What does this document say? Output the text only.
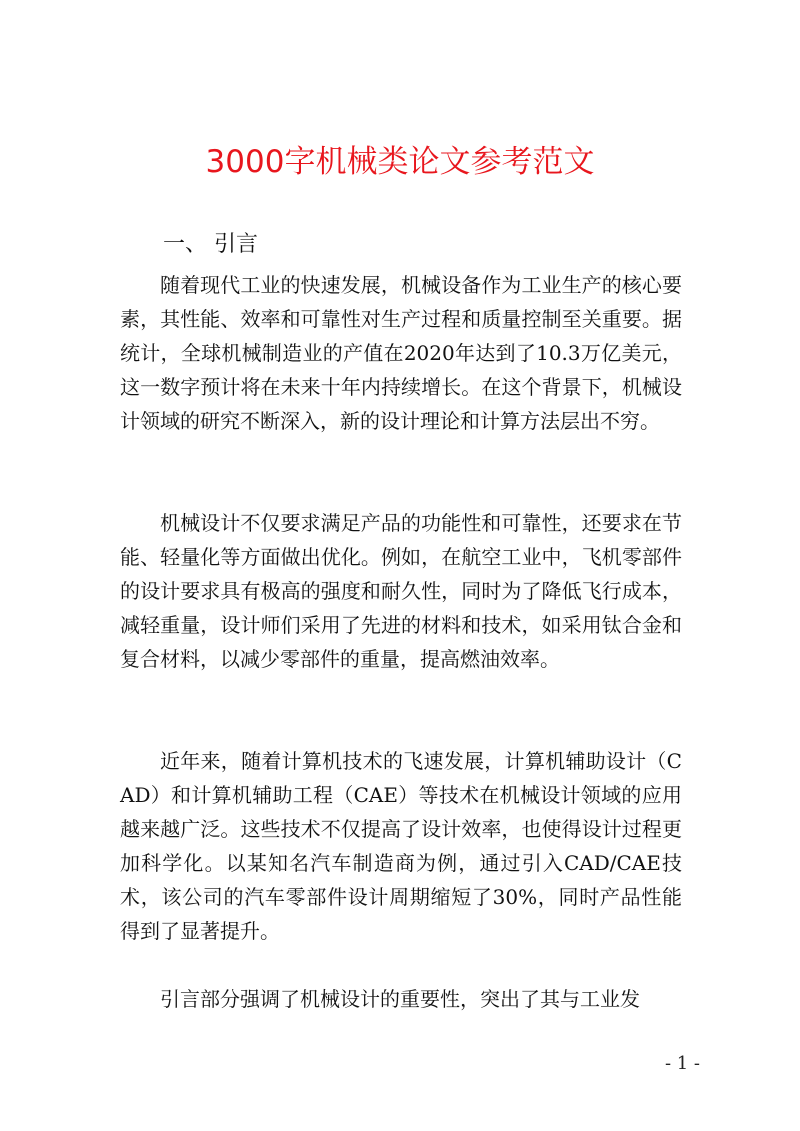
3000字机械类论文参考范文
一、 引言

随着现代工业的快速发展，机械设备作为工业生产的核心要素，其性能、效率和可靠性对生产过程和质量控制至关重要。据统计，全球机械制造业的产值在2020年达到了10.3万亿美元，这一数字预计将在未来十年内持续增长。在这个背景下，机械设计领域的研究不断深入，新的设计理论和计算方法层出不穷。

机械设计不仅要求满足产品的功能性和可靠性，还要求在节能、轻量化等方面做出优化。例如，在航空工业中，飞机零部件的设计要求具有极高的强度和耐久性，同时为了降低飞行成本，减轻重量，设计师们采用了先进的材料和技术，如采用钛合金和复合材料，以减少零部件的重量，提高燃油效率。

近年来，随着计算机技术的飞速发展，计算机辅助设计（CAD）和计算机辅助工程（CAE）等技术在机械设计领域的应用越来越广泛。这些技术不仅提高了设计效率，也使得设计过程更加科学化。以某知名汽车制造商为例，通过引入CAD/CAE技术，该公司的汽车零部件设计周期缩短了30%，同时产品性能得到了显著提升。

引言部分强调了机械设计的重要性，突出了其与工业发

- 1 -
